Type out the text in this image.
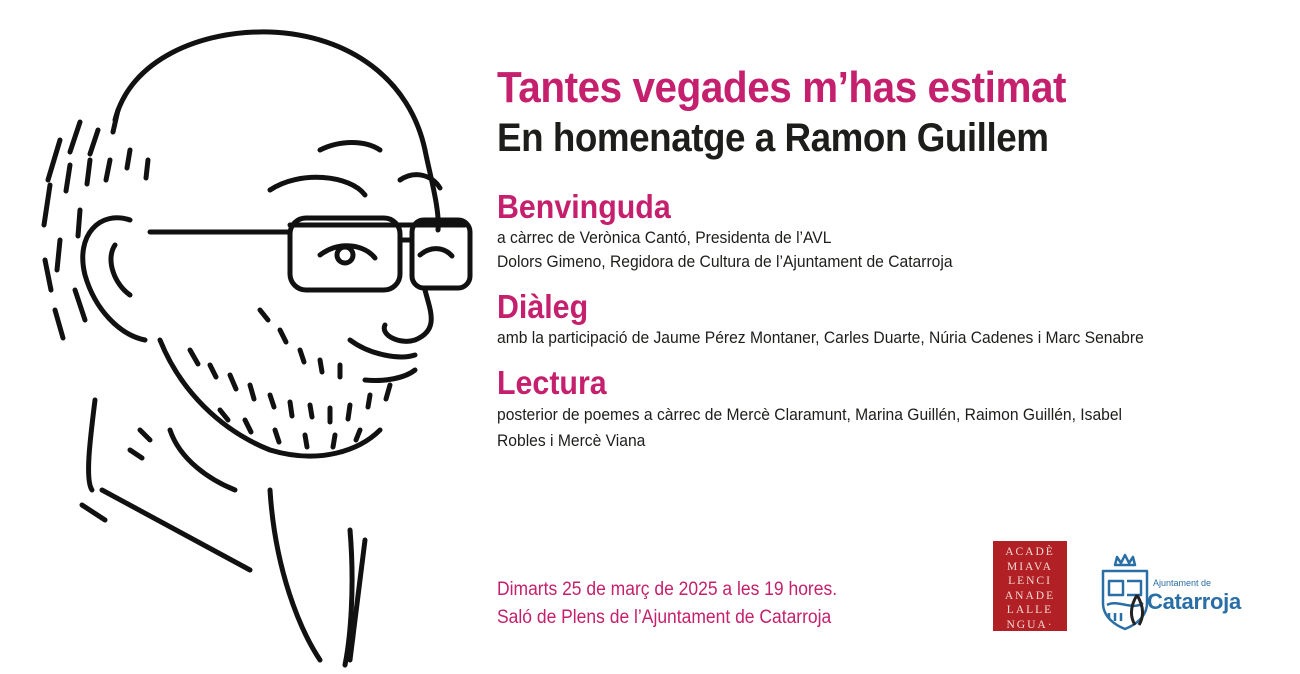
Tantes vegades m’has estimat
En homenatge a Ramon Guillem
Benvinguda
a càrrec de Verònica Cantó, Presidenta de l’AVL
Dolors Gimeno, Regidora de Cultura de l’Ajuntament de Catarroja
Diàleg
amb la participació de Jaume Pérez Montaner, Carles Duarte, Núria Cadenes i Marc Senabre
Lectura
posterior de poemes a càrrec de Mercè Claramunt, Marina Guillén, Raimon Guillén, Isabel
Robles i Mercè Viana
Dimarts 25 de març de 2025 a les 19 hores.
Saló de Plens de l’Ajuntament de Catarroja
ACADÈ
MIAVA
LENCI
ANADE
LALLE
NGUA·
Ajuntament de
Catarroja
